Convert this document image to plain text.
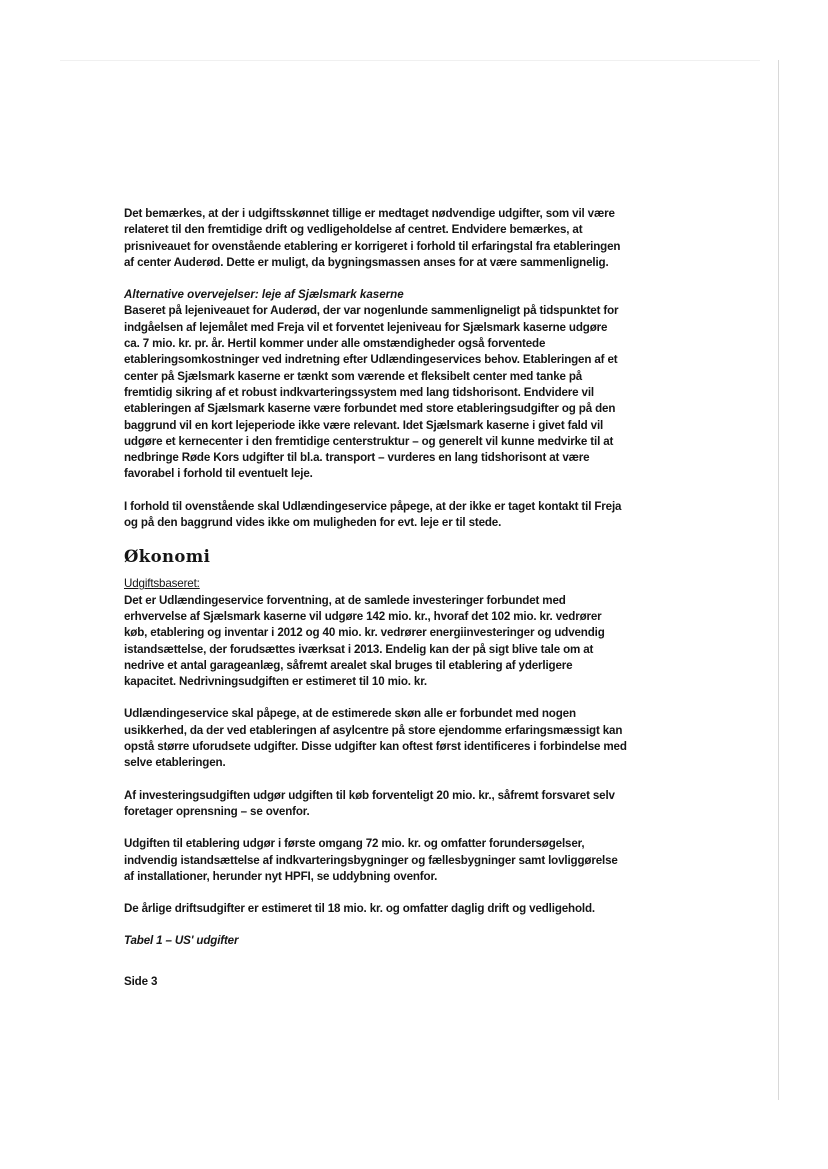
Det bemærkes, at der i udgiftsskønnet tillige er medtaget nødvendige udgifter, som vil være
relateret til den fremtidige drift og vedligeholdelse af centret. Endvidere bemærkes, at
prisniveauet for ovenstående etablering er korrigeret i forhold til erfaringstal fra etableringen
af center Auderød. Dette er muligt, da bygningsmassen anses for at være sammenlignelig.

Alternative overvejelser: leje af Sjælsmark kaserne

Baseret på lejeniveauet for Auderød, der var nogenlunde sammenligneligt på tidspunktet for
indgåelsen af lejemålet med Freja vil et forventet lejeniveau for Sjælsmark kaserne udgøre
ca. 7 mio. kr. pr. år. Hertil kommer under alle omstændigheder også forventede
etableringsomkostninger ved indretning efter Udlændingeservices behov. Etableringen af et
center på Sjælsmark kaserne er tænkt som værende et fleksibelt center med tanke på
fremtidig sikring af et robust indkvarteringssystem med lang tidshorisont. Endvidere vil
etableringen af Sjælsmark kaserne være forbundet med store etableringsudgifter og på den
baggrund vil en kort lejeperiode ikke være relevant. Idet Sjælsmark kaserne i givet fald vil
udgøre et kernecenter i den fremtidige centerstruktur – og generelt vil kunne medvirke til at
nedbringe Røde Kors udgifter til bl.a. transport – vurderes en lang tidshorisont at være
favorabel i forhold til eventuelt leje.

I forhold til ovenstående skal Udlændingeservice påpege, at der ikke er taget kontakt til Freja
og på den baggrund vides ikke om muligheden for evt. leje er til stede.

Økonomi

Udgiftsbaseret:

Det er Udlændingeservice forventning, at de samlede investeringer forbundet med
erhvervelse af Sjælsmark kaserne vil udgøre 142 mio. kr., hvoraf det 102 mio. kr. vedrører
køb, etablering og inventar i 2012 og 40 mio. kr. vedrører energiinvesteringer og udvendig
istandsættelse, der forudsættes iværksat i 2013. Endelig kan der på sigt blive tale om at
nedrive et antal garageanlæg, såfremt arealet skal bruges til etablering af yderligere
kapacitet. Nedrivningsudgiften er estimeret til 10 mio. kr.

Udlændingeservice skal påpege, at de estimerede skøn alle er forbundet med nogen
usikkerhed, da der ved etableringen af asylcentre på store ejendomme erfaringsmæssigt kan
opstå større uforudsete udgifter. Disse udgifter kan oftest først identificeres i forbindelse med
selve etableringen.

Af investeringsudgiften udgør udgiften til køb forventeligt 20 mio. kr., såfremt forsvaret selv
foretager oprensning – se ovenfor.

Udgiften til etablering udgør i første omgang 72 mio. kr. og omfatter forundersøgelser,
indvendig istandsættelse af indkvarteringsbygninger og fællesbygninger samt lovliggørelse
af installationer, herunder nyt HPFI, se uddybning ovenfor.

De årlige driftsudgifter er estimeret til 18 mio. kr. og omfatter daglig drift og vedligehold.

Tabel 1 – US' udgifter

Side 3
